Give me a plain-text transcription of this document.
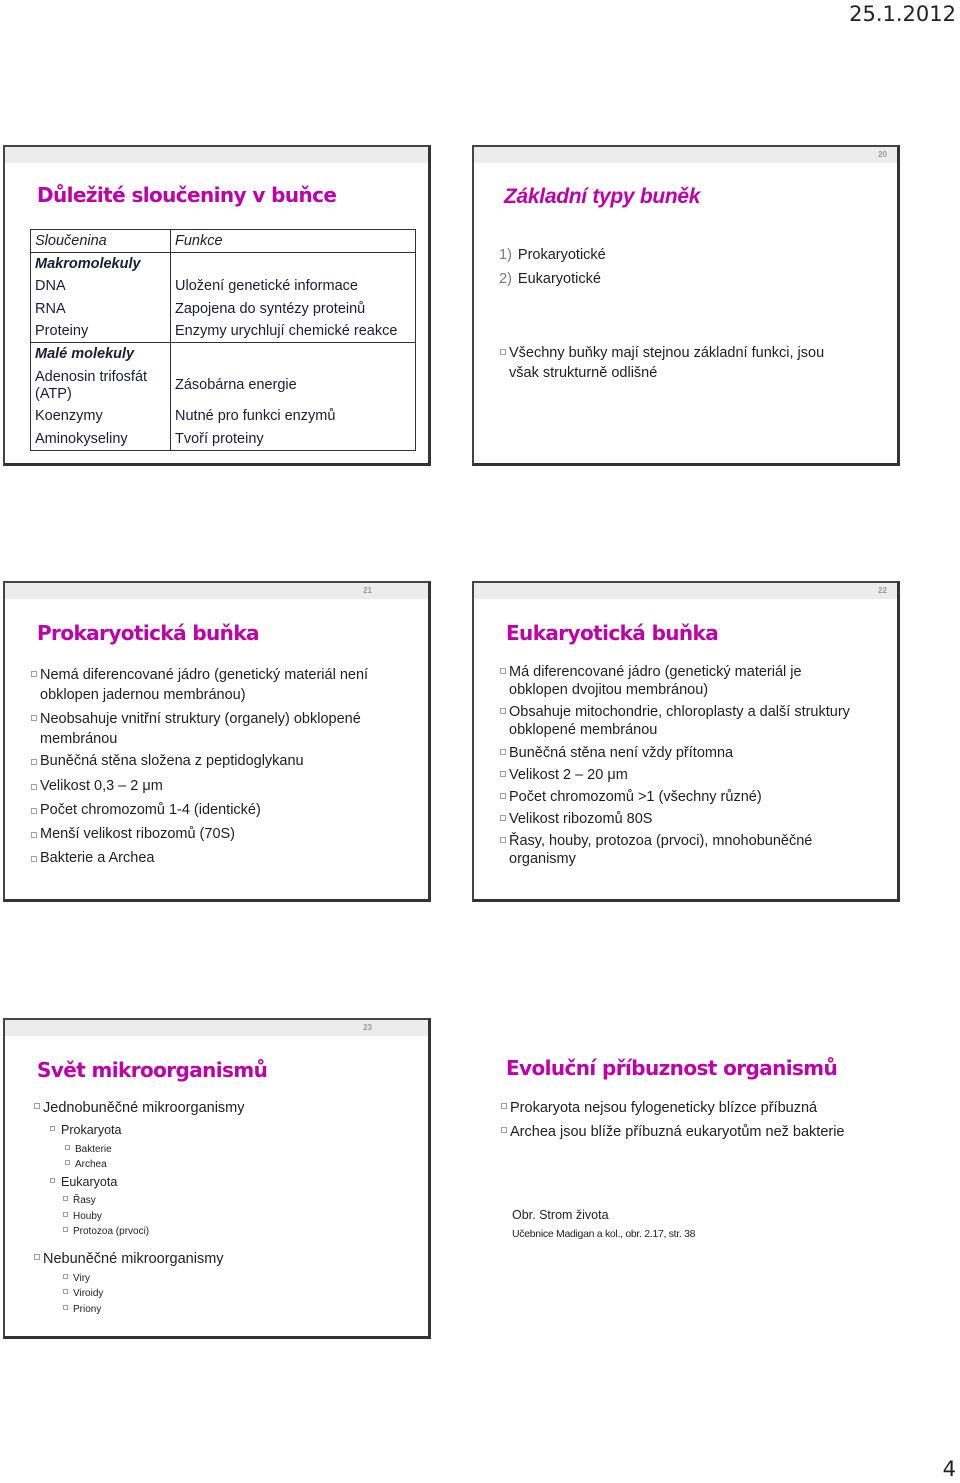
25.1.2012
Důležité sloučeniny v buňce
Sloučenina	Funkce
Makromolekuly	
DNA	Uložení genetické informace
RNA	Zapojena do syntézy proteinů
Proteiny	Enzymy urychlují chemické reakce
Malé molekuly	
Adenosin trifosfát (ATP)	Zásobárna energie
Koenzymy	Nutné pro funkci enzymů
Aminokyseliny	Tvoří proteiny
20
Základní typy buněk
1) Prokaryotické
2) Eukaryotické
Všechny buňky mají stejnou základní funkci, jsou však strukturně odlišné
21
Prokaryotická buňka
Nemá diferencované jádro (genetický materiál není obklopen jadernou membránou)
Neobsahuje vnitřní struktury (organely) obklopené membránou
Buněčná stěna složena z peptidoglykanu
Velikost 0,3 – 2 μm
Počet chromozomů 1-4 (identické)
Menší velikost ribozomů (70S)
Bakterie a Archea
22
Eukaryotická buňka
Má diferencované jádro (genetický materiál je obklopen dvojitou membránou)
Obsahuje mitochondrie, chloroplasty a další struktury obklopené membránou
Buněčná stěna není vždy přítomna
Velikost 2 – 20 μm
Počet chromozomů >1 (všechny různé)
Velikost ribozomů 80S
Řasy, houby, protozoa (prvoci), mnohobuněčné organismy
23
Svět mikroorganismů
Jednobuněčné mikroorganismy
Prokaryota
Bakterie
Archea
Eukaryota
Řasy
Houby
Protozoa (prvoci)
Nebuněčné mikroorganismy
Viry
Viroidy
Priony
Evoluční příbuznost organismů
Prokaryota nejsou fylogeneticky blízce příbuzná
Archea jsou blíže příbuzná eukaryotům než bakterie
Obr. Strom života
Učebnice Madigan a kol., obr. 2.17, str. 38
4
